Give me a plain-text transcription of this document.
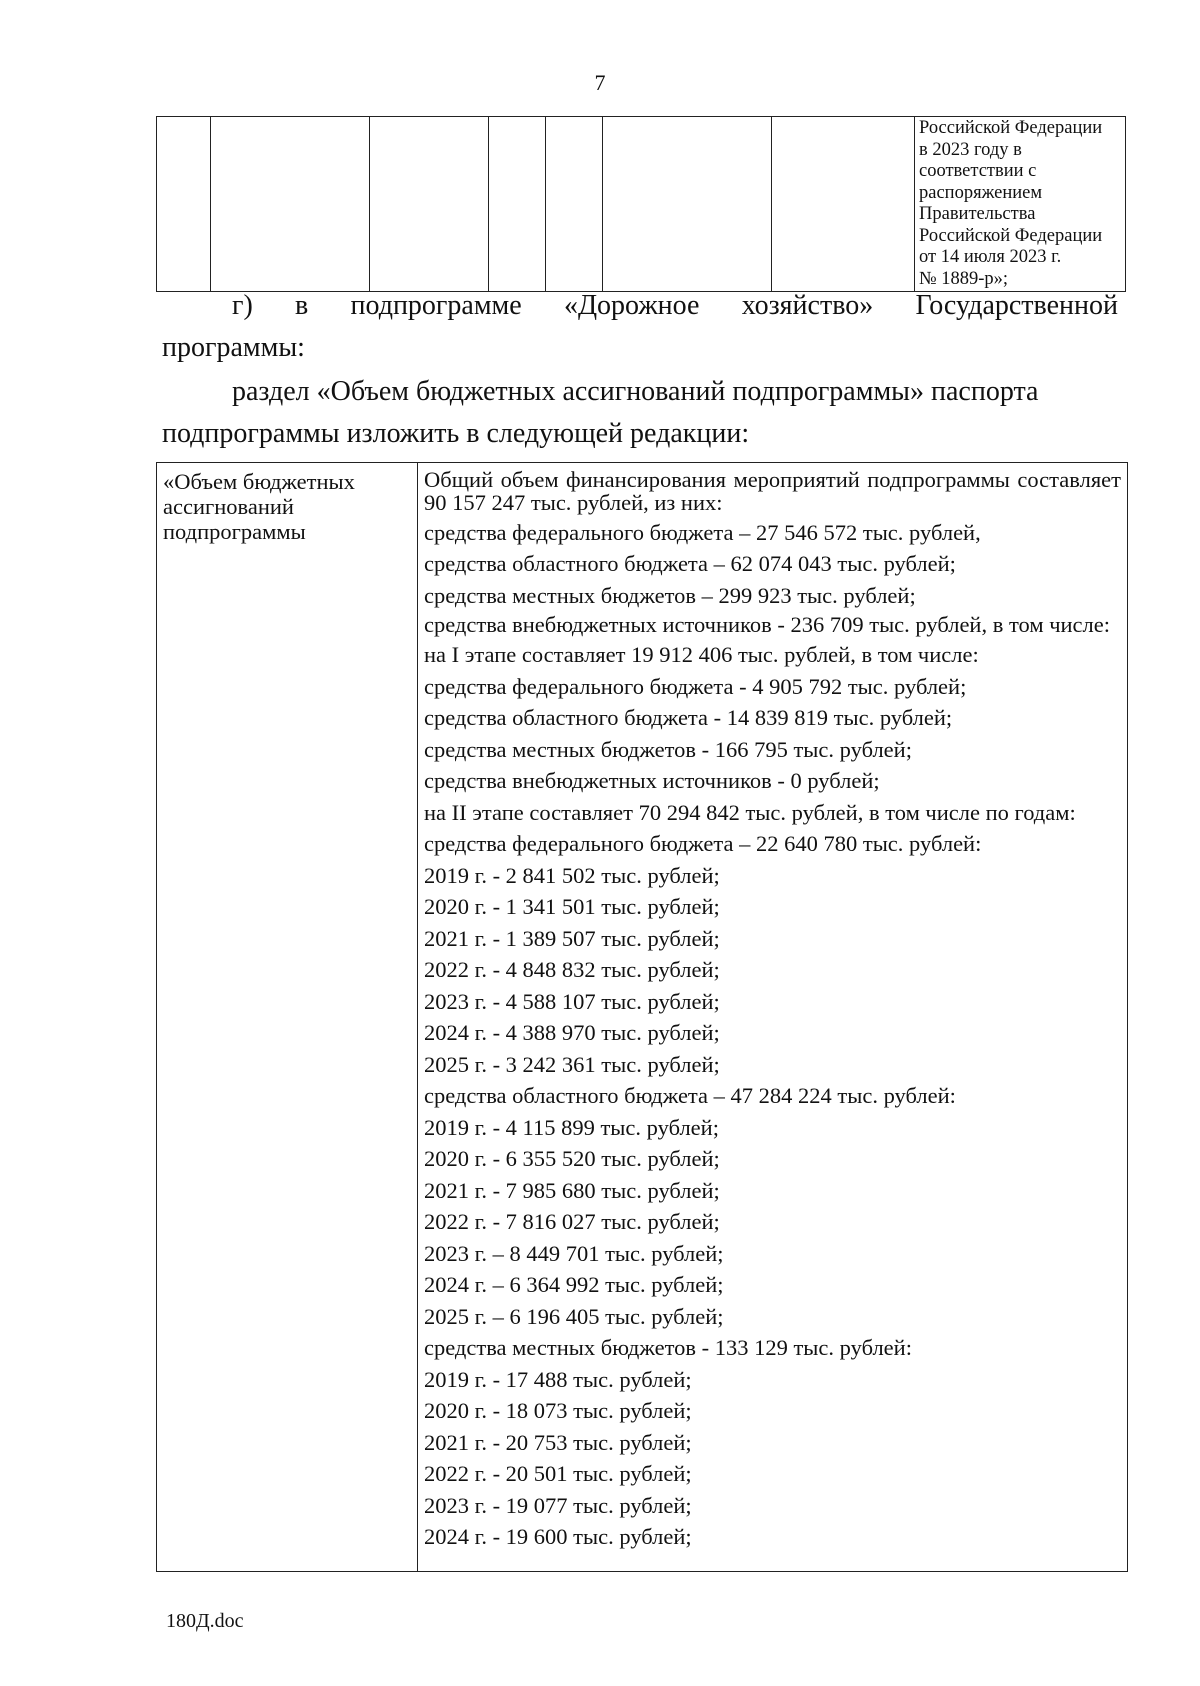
7

Российской Федерации
в 2023 году в
соответствии с
распоряжением
Правительства
Российской Федерации
от 14 июля 2023 г.
№ 1889-р»;
г) в подпрограмме «Дорожное хозяйство» Государственной
программы:
раздел «Объем бюджетных ассигнований подпрограммы» паспорта
подпрограммы изложить в следующей редакции:
«Объем бюджетных ассигнований подпрограммы	
Общий объем финансирования мероприятий подпрограммы составляет 90 157 247 тыс. рублей, из них:
средства федерального бюджета – 27 546 572 тыс. рублей,
средства областного бюджета – 62 074 043 тыс. рублей;
средства местных бюджетов – 299 923 тыс. рублей;
средства внебюджетных источников - 236 709 тыс. рублей, в том числе:
на I этапе составляет 19 912 406 тыс. рублей, в том числе:
средства федерального бюджета - 4 905 792 тыс. рублей;
средства областного бюджета - 14 839 819 тыс. рублей;
средства местных бюджетов - 166 795 тыс. рублей;
средства внебюджетных источников - 0 рублей;
на II этапе составляет 70 294 842 тыс. рублей, в том числе по годам:
средства федерального бюджета – 22 640 780 тыс. рублей:
2019 г. - 2 841 502 тыс. рублей;
2020 г. - 1 341 501 тыс. рублей;
2021 г. - 1 389 507 тыс. рублей;
2022 г. - 4 848 832 тыс. рублей;
2023 г. - 4 588 107 тыс. рублей;
2024 г. - 4 388 970 тыс. рублей;
2025 г. - 3 242 361 тыс. рублей;
средства областного бюджета – 47 284 224 тыс. рублей:
2019 г. - 4 115 899 тыс. рублей;
2020 г. - 6 355 520 тыс. рублей;
2021 г. - 7 985 680 тыс. рублей;
2022 г. - 7 816 027 тыс. рублей;
2023 г. – 8 449 701 тыс. рублей;
2024 г. – 6 364 992 тыс. рублей;
2025 г. – 6 196 405 тыс. рублей;
средства местных бюджетов - 133 129 тыс. рублей:
2019 г. - 17 488 тыс. рублей;
2020 г. - 18 073 тыс. рублей;
2021 г. - 20 753 тыс. рублей;
2022 г. - 20 501 тыс. рублей;
2023 г. - 19 077 тыс. рублей;
2024 г. - 19 600 тыс. рублей;
180Д.doc
